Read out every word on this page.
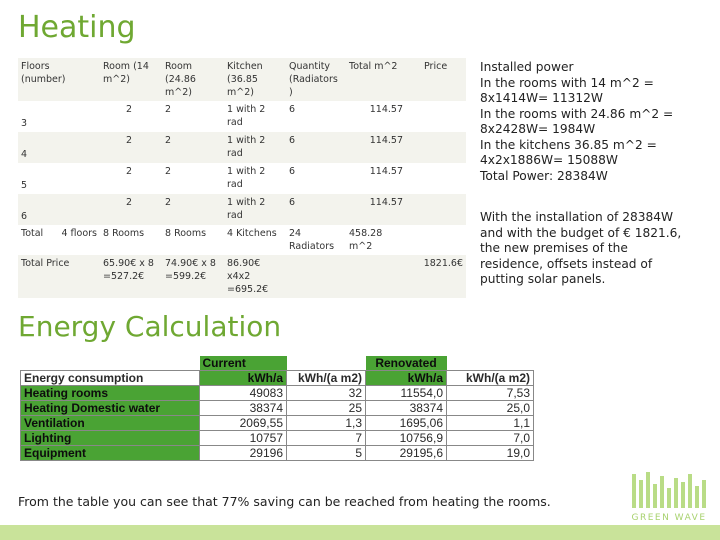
Heating
Floors (number)	Room (14 m^2)	Room (24.86 m^2)	Kitchen (36.85 m^2)	Quantity (Radiators )	Total m^2	Price
3	2	2	1 with 2 rad	6	114.57	
4	2	2	1 with 2 rad	6	114.57	
5	2	2	1 with 2 rad	6	114.57	
6	2	2	1 with 2 rad	6	114.57	
Total 4 floors	8 Rooms	8 Rooms	4 Kitchens	24 Radiators	458.28 m^2	
Total Price	65.90€ x 8 =527.2€	74.90€ x 8 =599.2€	86.90€ x4x2 =695.2€			1821.6€
Installed power
In the rooms with 14 m^2 =
8x1414W= 11312W
In the rooms with 24.86 m^2 =
8x2428W= 1984W
In the kitchens 36.85 m^2 =
4x2x1886W= 15088W
Total Power: 28384W
With the installation of 28384W
and with the budget of € 1821.6,
the new premises of the
residence, offsets instead of
putting solar panels.
Energy Calculation
	Current		Renovated	
Energy consumption	kWh/a	kWh/(a m2)	kWh/a	kWh/(a m2)
Heating rooms	49083	32	11554,0	7,53
Heating Domestic water	38374	25	38374	25,0
Ventilation	2069,55	1,3	1695,06	1,1
Lighting	10757	7	10756,9	7,0
Equipment	29196	5	29195,6	19,0

From the table you can see that 77% saving can be reached from heating the rooms.

GREEN WAVE
